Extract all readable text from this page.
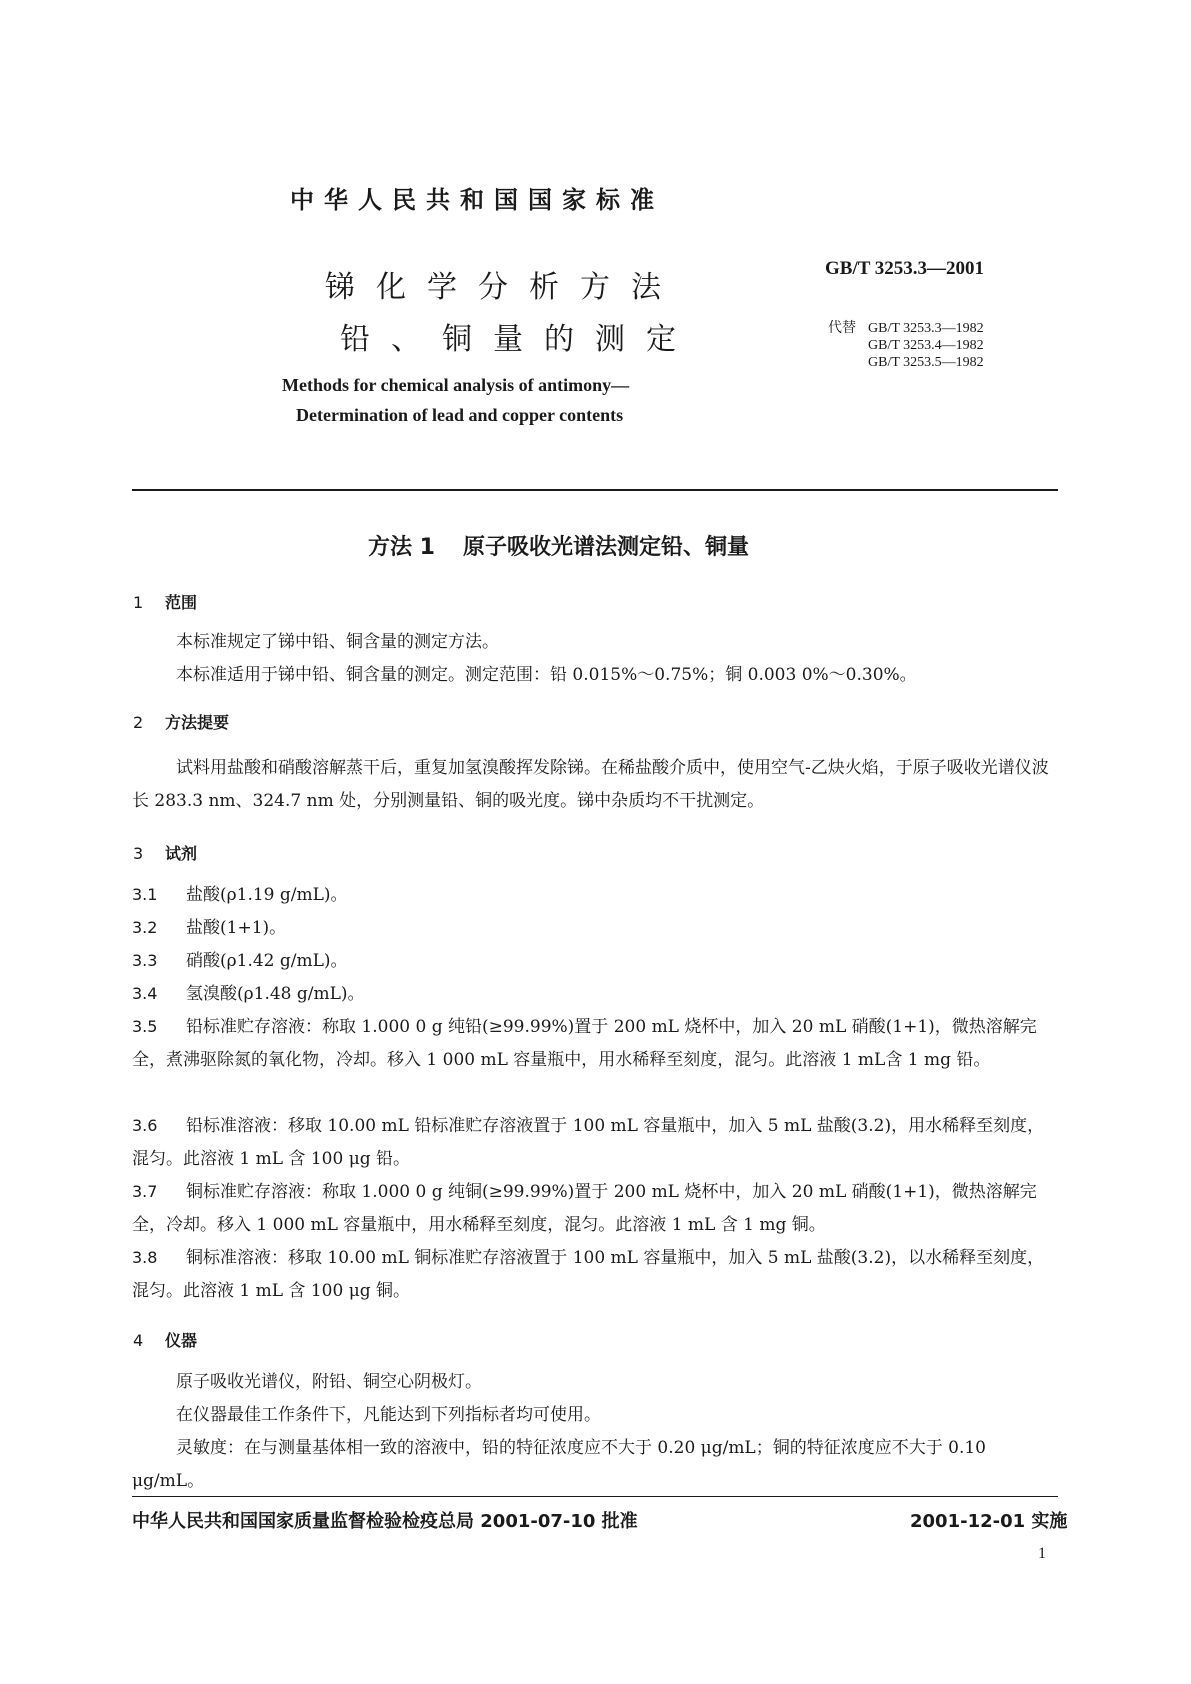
中华人民共和国国家标准
锑化学分析方法
铅、铜量的测定
GB/T 3253.3—2001
代替 GB/T 3253.3—1982
GB/T 3253.4—1982
GB/T 3253.5—1982
Methods for chemical analysis of antimony—
Determination of lead and copper contents
方法 1 原子吸收光谱法测定铅、铜量
1 范围
本标准规定了锑中铅、铜含量的测定方法。
本标准适用于锑中铅、铜含量的测定。测定范围：铅 0.015%～0.75%；铜 0.003 0%～0.30%。
2 方法提要
试料用盐酸和硝酸溶解蒸干后，重复加氢溴酸挥发除锑。在稀盐酸介质中，使用空气-乙炔火焰，于原子吸收光谱仪波长 283.3 nm、324.7 nm 处，分别测量铅、铜的吸光度。锑中杂质均不干扰测定。
3 试剂
3.1 盐酸(ρ1.19 g/mL)。
3.2 盐酸(1+1)。
3.3 硝酸(ρ1.42 g/mL)。
3.4 氢溴酸(ρ1.48 g/mL)。
3.5 铅标准贮存溶液：称取 1.000 0 g 纯铅(≥99.99%)置于 200 mL 烧杯中，加入 20 mL 硝酸(1+1)，微热溶解完全，煮沸驱除氮的氧化物，冷却。移入 1 000 mL 容量瓶中，用水稀释至刻度，混匀。此溶液 1 mL含 1 mg 铅。
3.6 铅标准溶液：移取 10.00 mL 铅标准贮存溶液置于 100 mL 容量瓶中，加入 5 mL 盐酸(3.2)，用水稀释至刻度，混匀。此溶液 1 mL 含 100 μg 铅。
3.7 铜标准贮存溶液：称取 1.000 0 g 纯铜(≥99.99%)置于 200 mL 烧杯中，加入 20 mL 硝酸(1+1)，微热溶解完全，冷却。移入 1 000 mL 容量瓶中，用水稀释至刻度，混匀。此溶液 1 mL 含 1 mg 铜。
3.8 铜标准溶液：移取 10.00 mL 铜标准贮存溶液置于 100 mL 容量瓶中，加入 5 mL 盐酸(3.2)，以水稀释至刻度，混匀。此溶液 1 mL 含 100 μg 铜。
4 仪器
原子吸收光谱仪，附铅、铜空心阴极灯。
在仪器最佳工作条件下，凡能达到下列指标者均可使用。
灵敏度：在与测量基体相一致的溶液中，铅的特征浓度应不大于 0.20 μg/mL；铜的特征浓度应不大于 0.10 μg/mL。
中华人民共和国国家质量监督检验检疫总局 2001-07-10 批准	2001-12-01 实施
1
